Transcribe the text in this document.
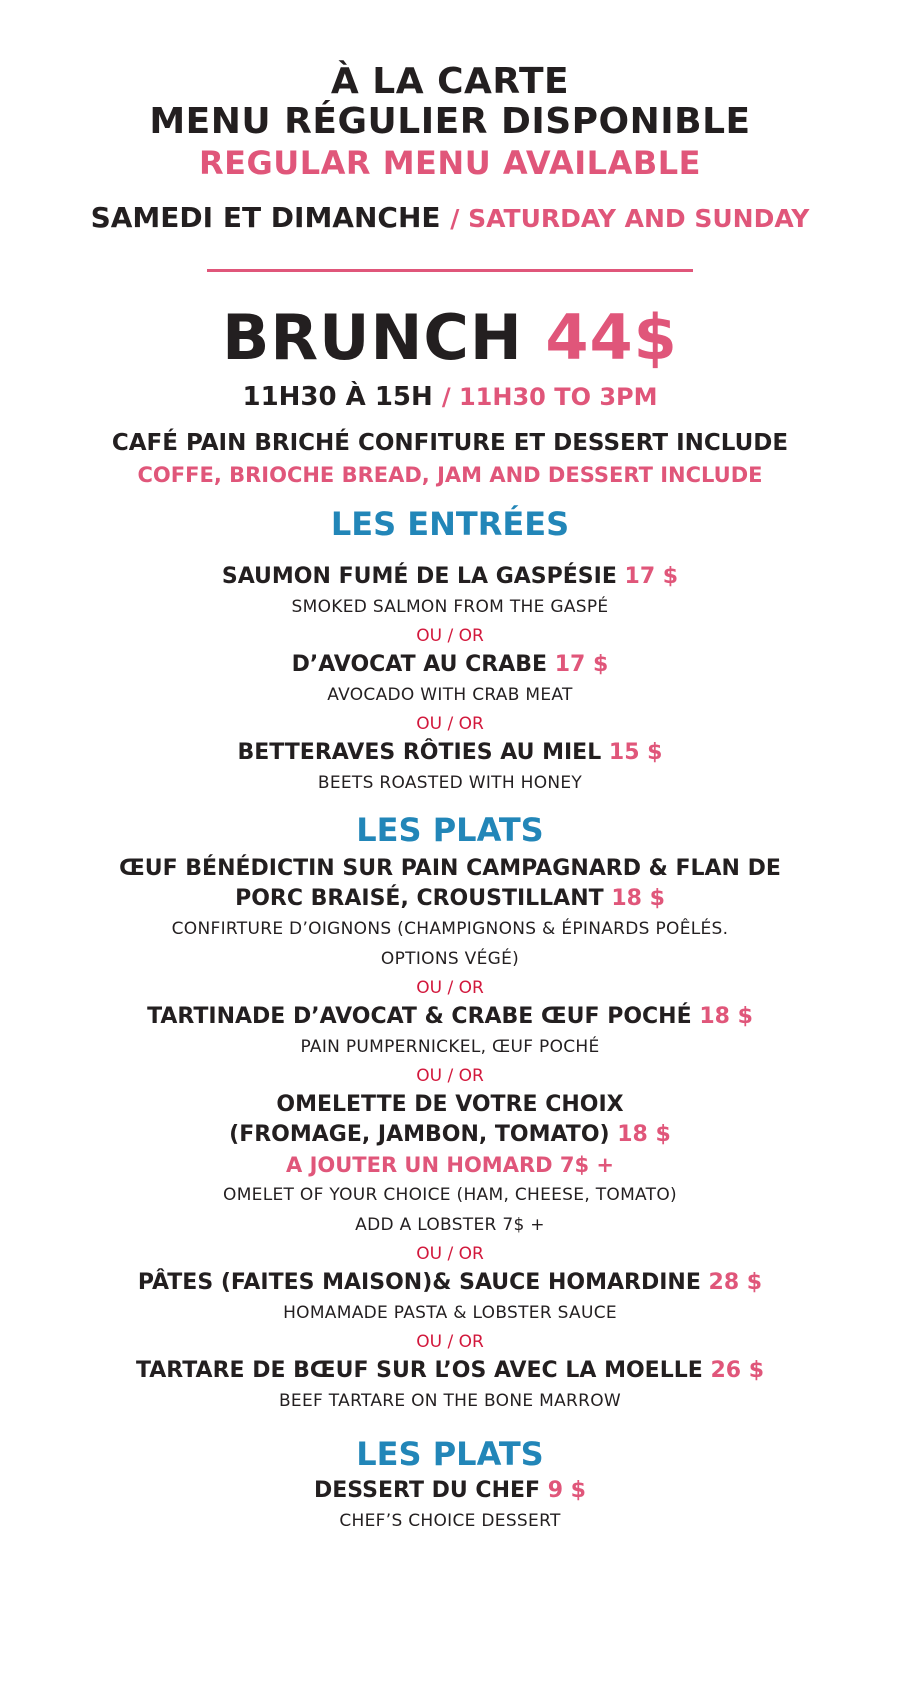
À LA CARTE
MENU RÉGULIER DISPONIBLE
REGULAR MENU AVAILABLE
SAMEDI ET DIMANCHE / SATURDAY AND SUNDAY
BRUNCH 44$
11H30 À 15H / 11H30 TO 3PM
CAFÉ PAIN BRICHÉ CONFITURE ET DESSERT INCLUDE
COFFE, BRIOCHE BREAD, JAM AND DESSERT INCLUDE
LES ENTRÉES
SAUMON FUMÉ DE LA GASPÉSIE 17 $
SMOKED SALMON FROM THE GASPÉ
OU / OR
D’AVOCAT AU CRABE 17 $
AVOCADO WITH CRAB MEAT
OU / OR
BETTERAVES RÔTIES AU MIEL 15 $
BEETS ROASTED WITH HONEY
LES PLATS
ŒUF BÉNÉDICTIN SUR PAIN CAMPAGNARD & FLAN DE
PORC BRAISÉ, CROUSTILLANT 18 $
CONFIRTURE D’OIGNONS (CHAMPIGNONS & ÉPINARDS POÊLÉS.
OPTIONS VÉGÉ)
OU / OR
TARTINADE D’AVOCAT & CRABE ŒUF POCHÉ 18 $
PAIN PUMPERNICKEL, ŒUF POCHÉ
OU / OR
OMELETTE DE VOTRE CHOIX
(FROMAGE, JAMBON, TOMATO) 18 $
A JOUTER UN HOMARD 7$ +
OMELET OF YOUR CHOICE (HAM, CHEESE, TOMATO)
ADD A LOBSTER 7$ +
OU / OR
PÂTES (FAITES MAISON)& SAUCE HOMARDINE 28 $
HOMAMADE PASTA & LOBSTER SAUCE
OU / OR
TARTARE DE BŒUF SUR L’OS AVEC LA MOELLE 26 $
BEEF TARTARE ON THE BONE MARROW
LES PLATS
DESSERT DU CHEF 9 $
CHEF’S CHOICE DESSERT
